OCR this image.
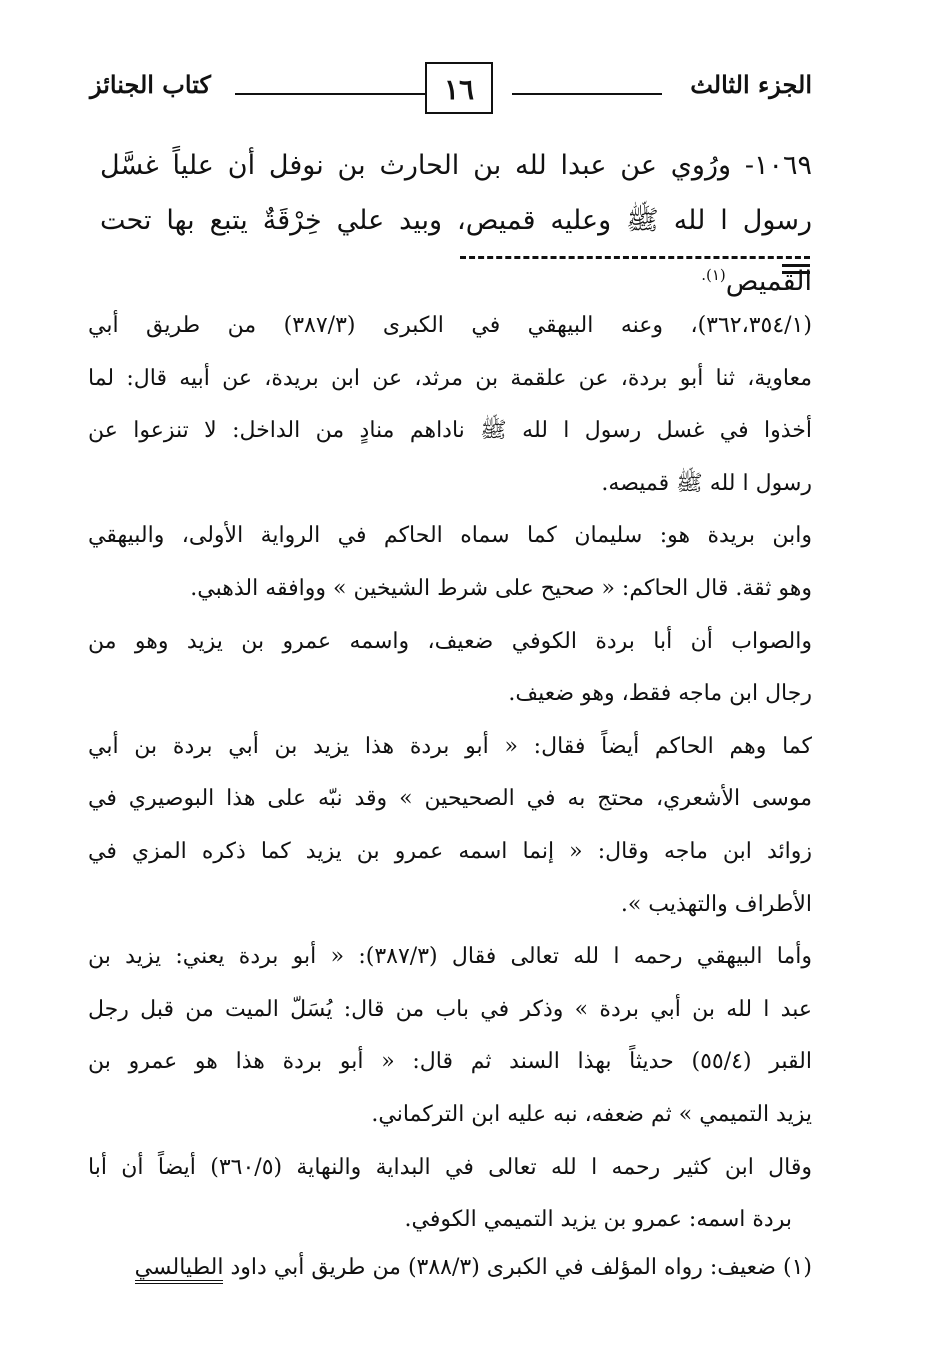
الجزء الثالث
١٦
كتاب الجنائز

١٠٦٩- ورُوي عن عبدا لله بن الحارث بن نوفل أن علياً غسَّل

رسول ا لله ﷺ وعليه قميص، وبيد علي خِرْقَةٌ يتبع بها تحت القميص$^{(١).}$

(٣٦٢،٣٥٤/١)، وعنه البيهقي في الكبرى (٣٨٧/٣) من طريق أبي

معاوية، ثنا أبو بردة، عن علقمة بن مرثد، عن ابن بريدة، عن أبيه قال: لما

أخذوا في غسل رسول ا لله ﷺ ناداهم منادٍ من الداخل: لا تنزعوا عن

رسول ا لله ﷺ قميصه.

وابن بريدة هو: سليمان كما سماه الحاكم في الرواية الأولى، والبيهقي

وهو ثقة. قال الحاكم: « صحيح على شرط الشيخين » ووافقه الذهبي.

والصواب أن أبا بردة الكوفي ضعيف، واسمه عمرو بن يزيد وهو من

رجال ابن ماجه فقط، وهو ضعيف.

كما وهم الحاكم أيضاً فقال: « أبو بردة هذا يزيد بن أبي بردة بن أبي

موسى الأشعري، محتج به في الصحيحين » وقد نبّه على هذا البوصيري في

زوائد ابن ماجه وقال: « إنما اسمه عمرو بن يزيد كما ذكره المزي في

الأطراف والتهذيب ».

وأما البيهقي رحمه ا لله تعالى فقال (٣٨٧/٣): « أبو بردة يعني: يزيد بن

عبد ا لله بن أبي بردة » وذكر في باب من قال: يُسَلّ الميت من قبل رجل

القبر (٥٥/٤) حديثاً بهذا السند ثم قال: « أبو بردة هذا هو عمرو بن

يزيد التميمي » ثم ضعفه، نبه عليه ابن التركماني.

وقال ابن كثير رحمه ا لله تعالى في البداية والنهاية (٣٦٠/٥) أيضاً أن أبا

بردة اسمه: عمرو بن يزيد التميمي الكوفي.

(١) ضعيف: رواه المؤلف في الكبرى (٣٨٨/٣) من طريق أبي داود الطيالسي
